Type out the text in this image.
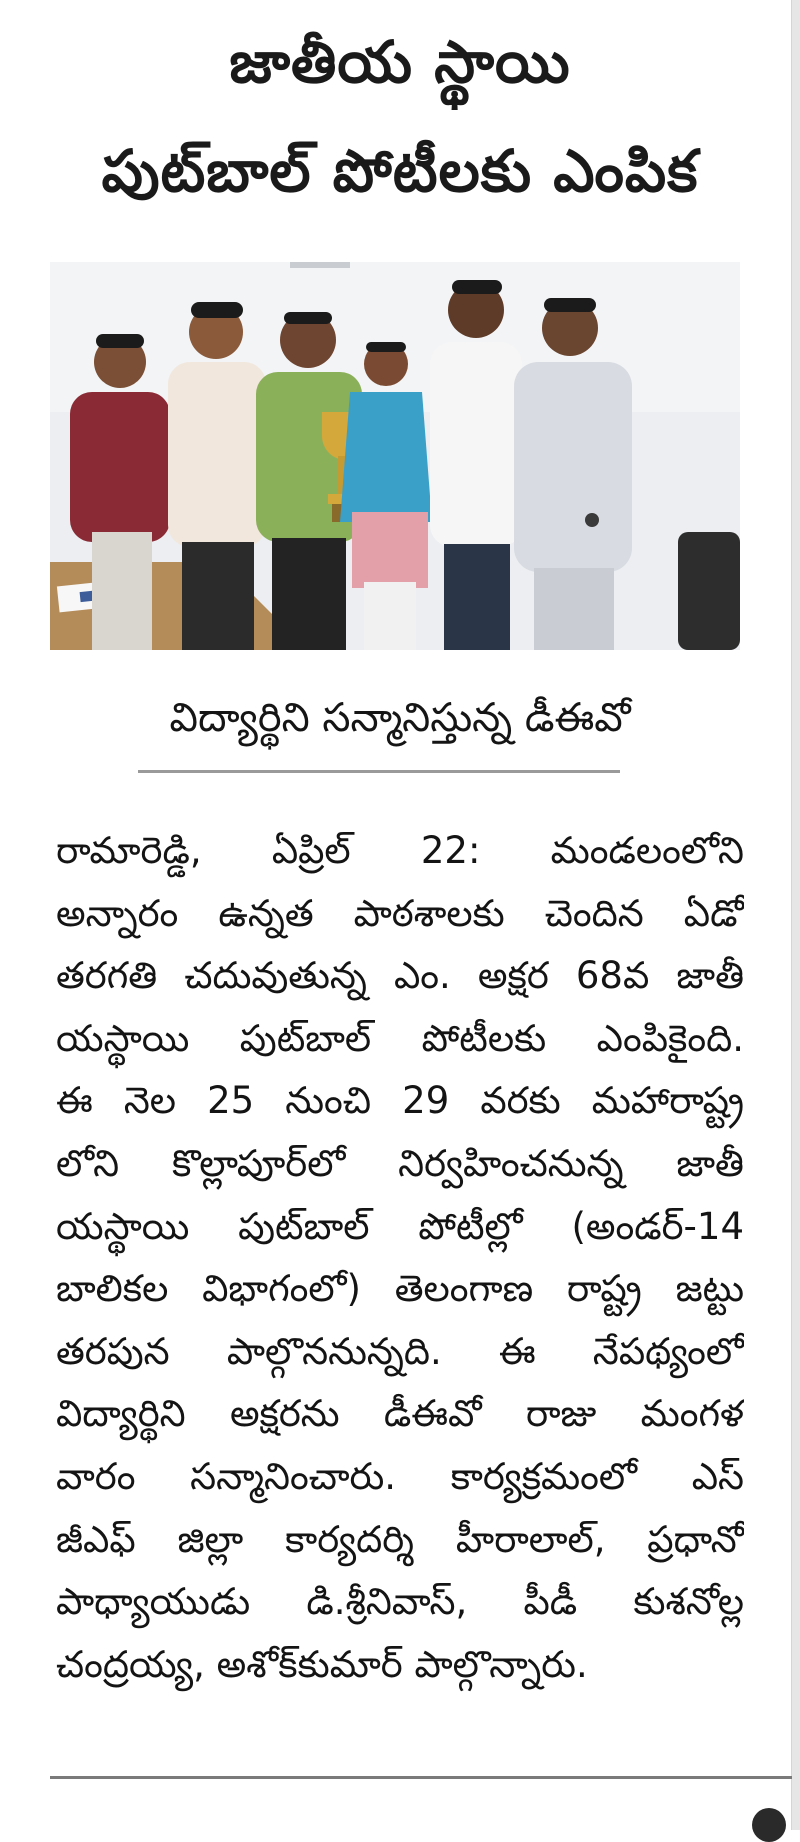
జాతీయ స్థాయి
పుట్‌బాల్ పోటీలకు ఎంపిక

విద్యార్థిని సన్మానిస్తున్న డీఈవో

రామారెడ్డి, ఏప్రిల్ 22: మండలంలోని
అన్నారం ఉన్నత పాఠశాలకు చెందిన ఏడో
తరగతి చదువుతున్న ఎం. అక్షర 68వ జాతీ
యస్థాయి పుట్‌బాల్ పోటీలకు ఎంపికైంది.
ఈ నెల 25 నుంచి 29 వరకు మహారాష్ట్ర
లోని కొల్లాపూర్‌లో నిర్వహించనున్న జాతీ
యస్థాయి పుట్‌బాల్ పోటీల్లో (అండర్-14
బాలికల విభాగంలో) తెలంగాణ రాష్ట్ర జట్టు
తరపున పాల్గొననున్నది. ఈ నేపథ్యంలో
విద్యార్థిని అక్షరను డీఈవో రాజు మంగళ
వారం సన్మానించారు. కార్యక్రమంలో ఎస్
జీఎఫ్ జిల్లా కార్యదర్శి హీరాలాల్, ప్రధానో
పాధ్యాయుడు డి.శ్రీనివాస్, పీడీ కుశనోల్ల
చంద్రయ్య, అశోక్‌కుమార్ పాల్గొన్నారు.
